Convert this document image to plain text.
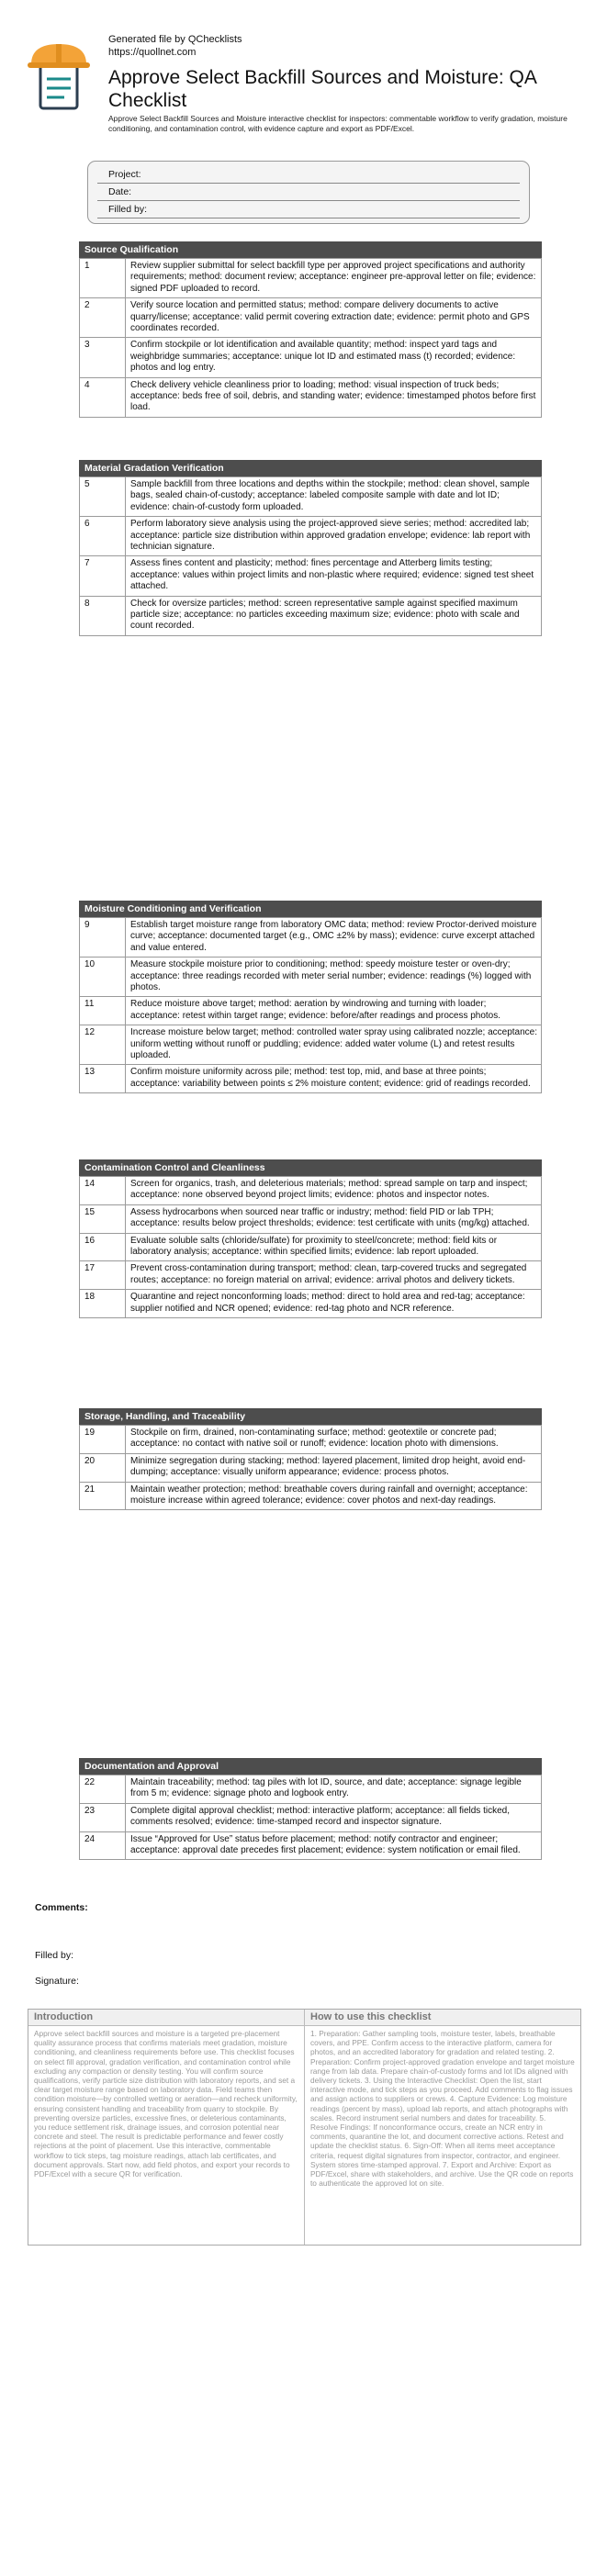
Generated file by QChecklists
https://quollnet.com
Approve Select Backfill Sources and Moisture: QA Checklist
Approve Select Backfill Sources and Moisture interactive checklist for inspectors: commentable workflow to verify gradation, moisture conditioning, and contamination control, with evidence capture and export as PDF/Excel.
Project:
Date:
Filled by:
Source Qualification
1	Review supplier submittal for select backfill type per approved project specifications and authority requirements; method: document review; acceptance: engineer pre-approval letter on file; evidence: signed PDF uploaded to record.
2	Verify source location and permitted status; method: compare delivery documents to active quarry/license; acceptance: valid permit covering extraction date; evidence: permit photo and GPS coordinates recorded.
3	Confirm stockpile or lot identification and available quantity; method: inspect yard tags and weighbridge summaries; acceptance: unique lot ID and estimated mass (t) recorded; evidence: photos and log entry.
4	Check delivery vehicle cleanliness prior to loading; method: visual inspection of truck beds; acceptance: beds free of soil, debris, and standing water; evidence: timestamped photos before first load.
Material Gradation Verification
5	Sample backfill from three locations and depths within the stockpile; method: clean shovel, sample bags, sealed chain-of-custody; acceptance: labeled composite sample with date and lot ID; evidence: chain-of-custody form uploaded.
6	Perform laboratory sieve analysis using the project-approved sieve series; method: accredited lab; acceptance: particle size distribution within approved gradation envelope; evidence: lab report with technician signature.
7	Assess fines content and plasticity; method: fines percentage and Atterberg limits testing; acceptance: values within project limits and non-plastic where required; evidence: signed test sheet attached.
8	Check for oversize particles; method: screen representative sample against specified maximum particle size; acceptance: no particles exceeding maximum size; evidence: photo with scale and count recorded.
Moisture Conditioning and Verification
9	Establish target moisture range from laboratory OMC data; method: review Proctor-derived moisture curve; acceptance: documented target (e.g., OMC ±2% by mass); evidence: curve excerpt attached and value entered.
10	Measure stockpile moisture prior to conditioning; method: speedy moisture tester or oven-dry; acceptance: three readings recorded with meter serial number; evidence: readings (%) logged with photos.
11	Reduce moisture above target; method: aeration by windrowing and turning with loader; acceptance: retest within target range; evidence: before/after readings and process photos.
12	Increase moisture below target; method: controlled water spray using calibrated nozzle; acceptance: uniform wetting without runoff or puddling; evidence: added water volume (L) and retest results uploaded.
13	Confirm moisture uniformity across pile; method: test top, mid, and base at three points; acceptance: variability between points ≤ 2% moisture content; evidence: grid of readings recorded.
Contamination Control and Cleanliness
14	Screen for organics, trash, and deleterious materials; method: spread sample on tarp and inspect; acceptance: none observed beyond project limits; evidence: photos and inspector notes.
15	Assess hydrocarbons when sourced near traffic or industry; method: field PID or lab TPH; acceptance: results below project thresholds; evidence: test certificate with units (mg/kg) attached.
16	Evaluate soluble salts (chloride/sulfate) for proximity to steel/concrete; method: field kits or laboratory analysis; acceptance: within specified limits; evidence: lab report uploaded.
17	Prevent cross-contamination during transport; method: clean, tarp-covered trucks and segregated routes; acceptance: no foreign material on arrival; evidence: arrival photos and delivery tickets.
18	Quarantine and reject nonconforming loads; method: direct to hold area and red-tag; acceptance: supplier notified and NCR opened; evidence: red-tag photo and NCR reference.
Storage, Handling, and Traceability
19	Stockpile on firm, drained, non-contaminating surface; method: geotextile or concrete pad; acceptance: no contact with native soil or runoff; evidence: location photo with dimensions.
20	Minimize segregation during stacking; method: layered placement, limited drop height, avoid end-dumping; acceptance: visually uniform appearance; evidence: process photos.
21	Maintain weather protection; method: breathable covers during rainfall and overnight; acceptance: moisture increase within agreed tolerance; evidence: cover photos and next-day readings.
Documentation and Approval
22	Maintain traceability; method: tag piles with lot ID, source, and date; acceptance: signage legible from 5 m; evidence: signage photo and logbook entry.
23	Complete digital approval checklist; method: interactive platform; acceptance: all fields ticked, comments resolved; evidence: time-stamped record and inspector signature.
24	Issue “Approved for Use” status before placement; method: notify contractor and engineer; acceptance: approval date precedes first placement; evidence: system notification or email filed.
Comments:
Filled by:
Signature:
Introduction
Approve select backfill sources and moisture is a targeted pre-placement quality assurance process that confirms materials meet gradation, moisture conditioning, and cleanliness requirements before use. This checklist focuses on select fill approval, gradation verification, and contamination control while excluding any compaction or density testing. You will confirm source qualifications, verify particle size distribution with laboratory reports, and set a clear target moisture range based on laboratory data. Field teams then condition moisture—by controlled wetting or aeration—and recheck uniformity, ensuring consistent handling and traceability from quarry to stockpile. By preventing oversize particles, excessive fines, or deleterious contaminants, you reduce settlement risk, drainage issues, and corrosion potential near concrete and steel. The result is predictable performance and fewer costly rejections at the point of placement. Use this interactive, commentable workflow to tick steps, tag moisture readings, attach lab certificates, and document approvals. Start now, add field photos, and export your records to PDF/Excel with a secure QR for verification.
How to use this checklist
1. Preparation: Gather sampling tools, moisture tester, labels, breathable covers, and PPE. Confirm access to the interactive platform, camera for photos, and an accredited laboratory for gradation and related testing. 2. Preparation: Confirm project-approved gradation envelope and target moisture range from lab data. Prepare chain-of-custody forms and lot IDs aligned with delivery tickets. 3. Using the Interactive Checklist: Open the list, start interactive mode, and tick steps as you proceed. Add comments to flag issues and assign actions to suppliers or crews. 4. Capture Evidence: Log moisture readings (percent by mass), upload lab reports, and attach photographs with scales. Record instrument serial numbers and dates for traceability. 5. Resolve Findings: If nonconformance occurs, create an NCR entry in comments, quarantine the lot, and document corrective actions. Retest and update the checklist status. 6. Sign-Off: When all items meet acceptance criteria, request digital signatures from inspector, contractor, and engineer. System stores time-stamped approval. 7. Export and Archive: Export as PDF/Excel, share with stakeholders, and archive. Use the QR code on reports to authenticate the approved lot on site.
